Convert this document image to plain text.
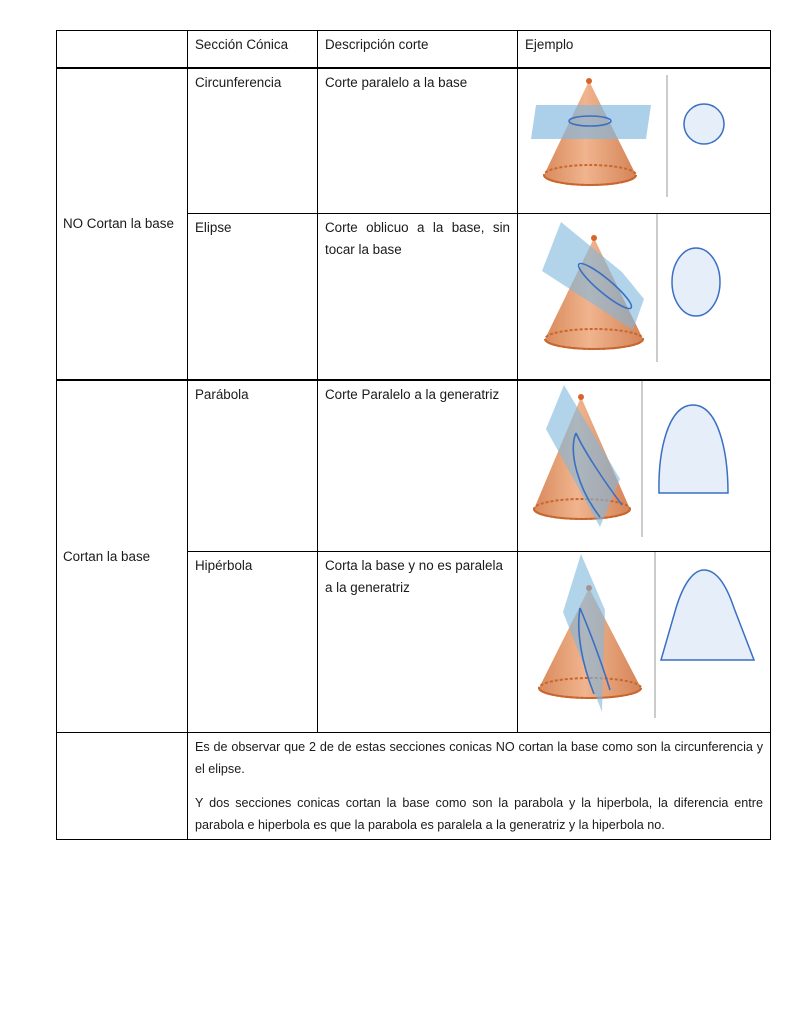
	Sección Cónica	Descripción corte	Ejemplo
NO Cortan la base	Circunferencia	Corte paralelo a la base	

	Elipse	Corte oblicuo a la base, sin tocar la base	

Cortan la base	Parábola	Corte Paralelo a la generatriz	

	Hipérbola	Corta la base y no es paralela a la generatriz	

	Es de observar que 2 de de estas secciones conicas NO cortan la base como son la circunferencia y el elipse.

Y dos secciones conicas cortan la base como son la parabola y la hiperbola, la diferencia entre parabola e hiperbola es que la parabola es paralela a la generatriz y la hiperbola no.		
